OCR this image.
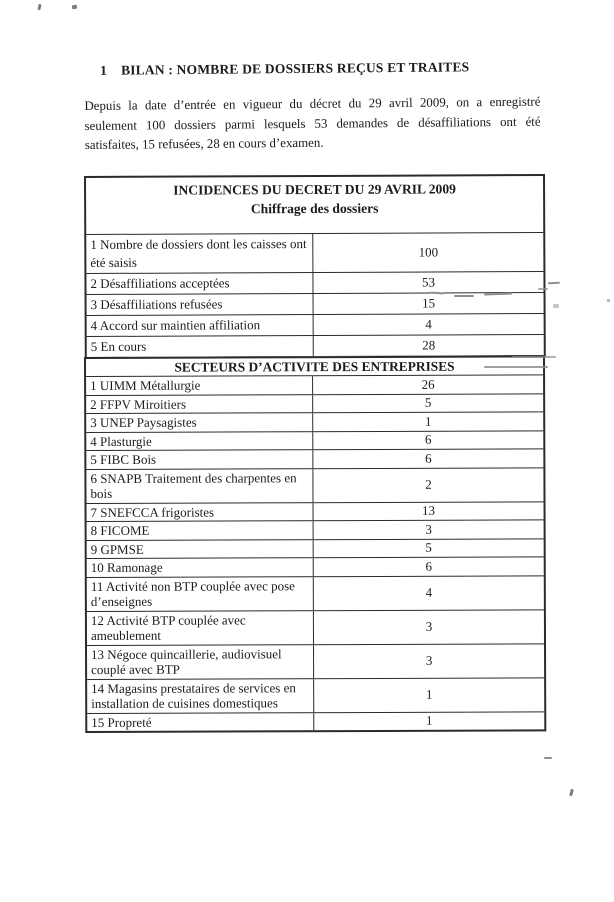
1 BILAN : NOMBRE DE DOSSIERS REÇUS ET TRAITES
Depuis la date d’entrée en vigueur du décret du 29 avril 2009, on a enregistré
seulement 100 dossiers parmi lesquels 53 demandes de désaffiliations ont été
satisfaites, 15 refusées, 28 en cours d’examen.
INCIDENCES DU DECRET DU 29 AVRIL 2009
Chiffrage des dossiers
1 Nombre de dossiers dont les caisses ont été saisis
100
2 Désaffiliations acceptées	53
3 Désaffiliations refusées	15
4 Accord sur maintien affiliation	4
5 En cours	28
SECTEURS D’ACTIVITE DES ENTREPRISES
1 UIMM Métallurgie	26
2 FFPV Miroitiers	5
3 UNEP Paysagistes	1
4 Plasturgie	6
5 FIBC Bois	6
6 SNAPB Traitement des charpentes en bois
2
7 SNEFCCA frigoristes	13
8 FICOME	3
9 GPMSE	5
10 Ramonage	6
11 Activité non BTP couplée avec pose d’enseignes
4
12 Activité BTP couplée avec ameublement
3
13 Négoce quincaillerie, audiovisuel couplé avec BTP
3
14 Magasins prestataires de services en installation de cuisines domestiques
1
15 Propreté	1
